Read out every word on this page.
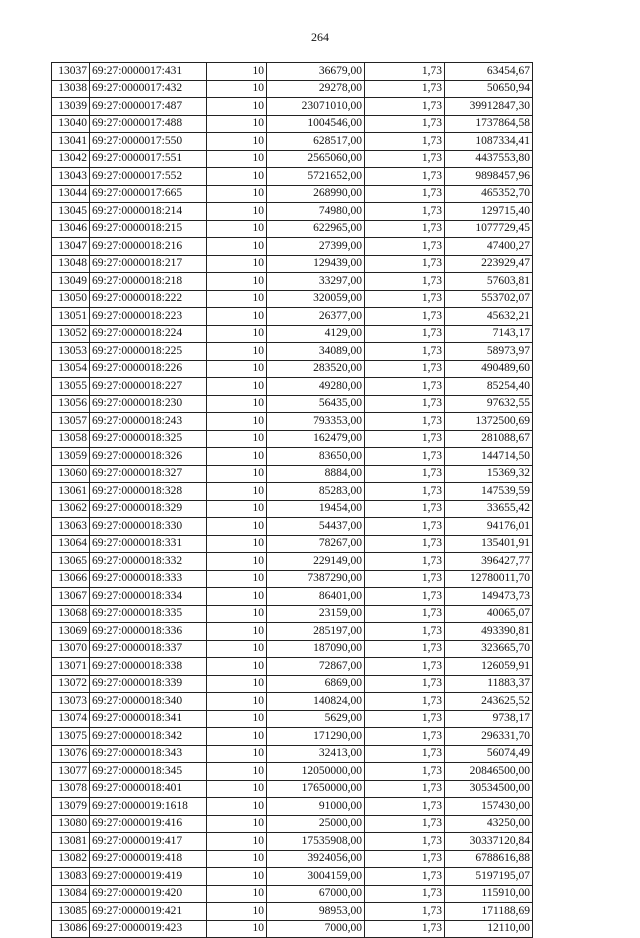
264
13037	69:27:0000017:431	10	36679,00	1,73	63454,67
13038	69:27:0000017:432	10	29278,00	1,73	50650,94
13039	69:27:0000017:487	10	23071010,00	1,73	39912847,30
13040	69:27:0000017:488	10	1004546,00	1,73	1737864,58
13041	69:27:0000017:550	10	628517,00	1,73	1087334,41
13042	69:27:0000017:551	10	2565060,00	1,73	4437553,80
13043	69:27:0000017:552	10	5721652,00	1,73	9898457,96
13044	69:27:0000017:665	10	268990,00	1,73	465352,70
13045	69:27:0000018:214	10	74980,00	1,73	129715,40
13046	69:27:0000018:215	10	622965,00	1,73	1077729,45
13047	69:27:0000018:216	10	27399,00	1,73	47400,27
13048	69:27:0000018:217	10	129439,00	1,73	223929,47
13049	69:27:0000018:218	10	33297,00	1,73	57603,81
13050	69:27:0000018:222	10	320059,00	1,73	553702,07
13051	69:27:0000018:223	10	26377,00	1,73	45632,21
13052	69:27:0000018:224	10	4129,00	1,73	7143,17
13053	69:27:0000018:225	10	34089,00	1,73	58973,97
13054	69:27:0000018:226	10	283520,00	1,73	490489,60
13055	69:27:0000018:227	10	49280,00	1,73	85254,40
13056	69:27:0000018:230	10	56435,00	1,73	97632,55
13057	69:27:0000018:243	10	793353,00	1,73	1372500,69
13058	69:27:0000018:325	10	162479,00	1,73	281088,67
13059	69:27:0000018:326	10	83650,00	1,73	144714,50
13060	69:27:0000018:327	10	8884,00	1,73	15369,32
13061	69:27:0000018:328	10	85283,00	1,73	147539,59
13062	69:27:0000018:329	10	19454,00	1,73	33655,42
13063	69:27:0000018:330	10	54437,00	1,73	94176,01
13064	69:27:0000018:331	10	78267,00	1,73	135401,91
13065	69:27:0000018:332	10	229149,00	1,73	396427,77
13066	69:27:0000018:333	10	7387290,00	1,73	12780011,70
13067	69:27:0000018:334	10	86401,00	1,73	149473,73
13068	69:27:0000018:335	10	23159,00	1,73	40065,07
13069	69:27:0000018:336	10	285197,00	1,73	493390,81
13070	69:27:0000018:337	10	187090,00	1,73	323665,70
13071	69:27:0000018:338	10	72867,00	1,73	126059,91
13072	69:27:0000018:339	10	6869,00	1,73	11883,37
13073	69:27:0000018:340	10	140824,00	1,73	243625,52
13074	69:27:0000018:341	10	5629,00	1,73	9738,17
13075	69:27:0000018:342	10	171290,00	1,73	296331,70
13076	69:27:0000018:343	10	32413,00	1,73	56074,49
13077	69:27:0000018:345	10	12050000,00	1,73	20846500,00
13078	69:27:0000018:401	10	17650000,00	1,73	30534500,00
13079	69:27:0000019:1618	10	91000,00	1,73	157430,00
13080	69:27:0000019:416	10	25000,00	1,73	43250,00
13081	69:27:0000019:417	10	17535908,00	1,73	30337120,84
13082	69:27:0000019:418	10	3924056,00	1,73	6788616,88
13083	69:27:0000019:419	10	3004159,00	1,73	5197195,07
13084	69:27:0000019:420	10	67000,00	1,73	115910,00
13085	69:27:0000019:421	10	98953,00	1,73	171188,69
13086	69:27:0000019:423	10	7000,00	1,73	12110,00
